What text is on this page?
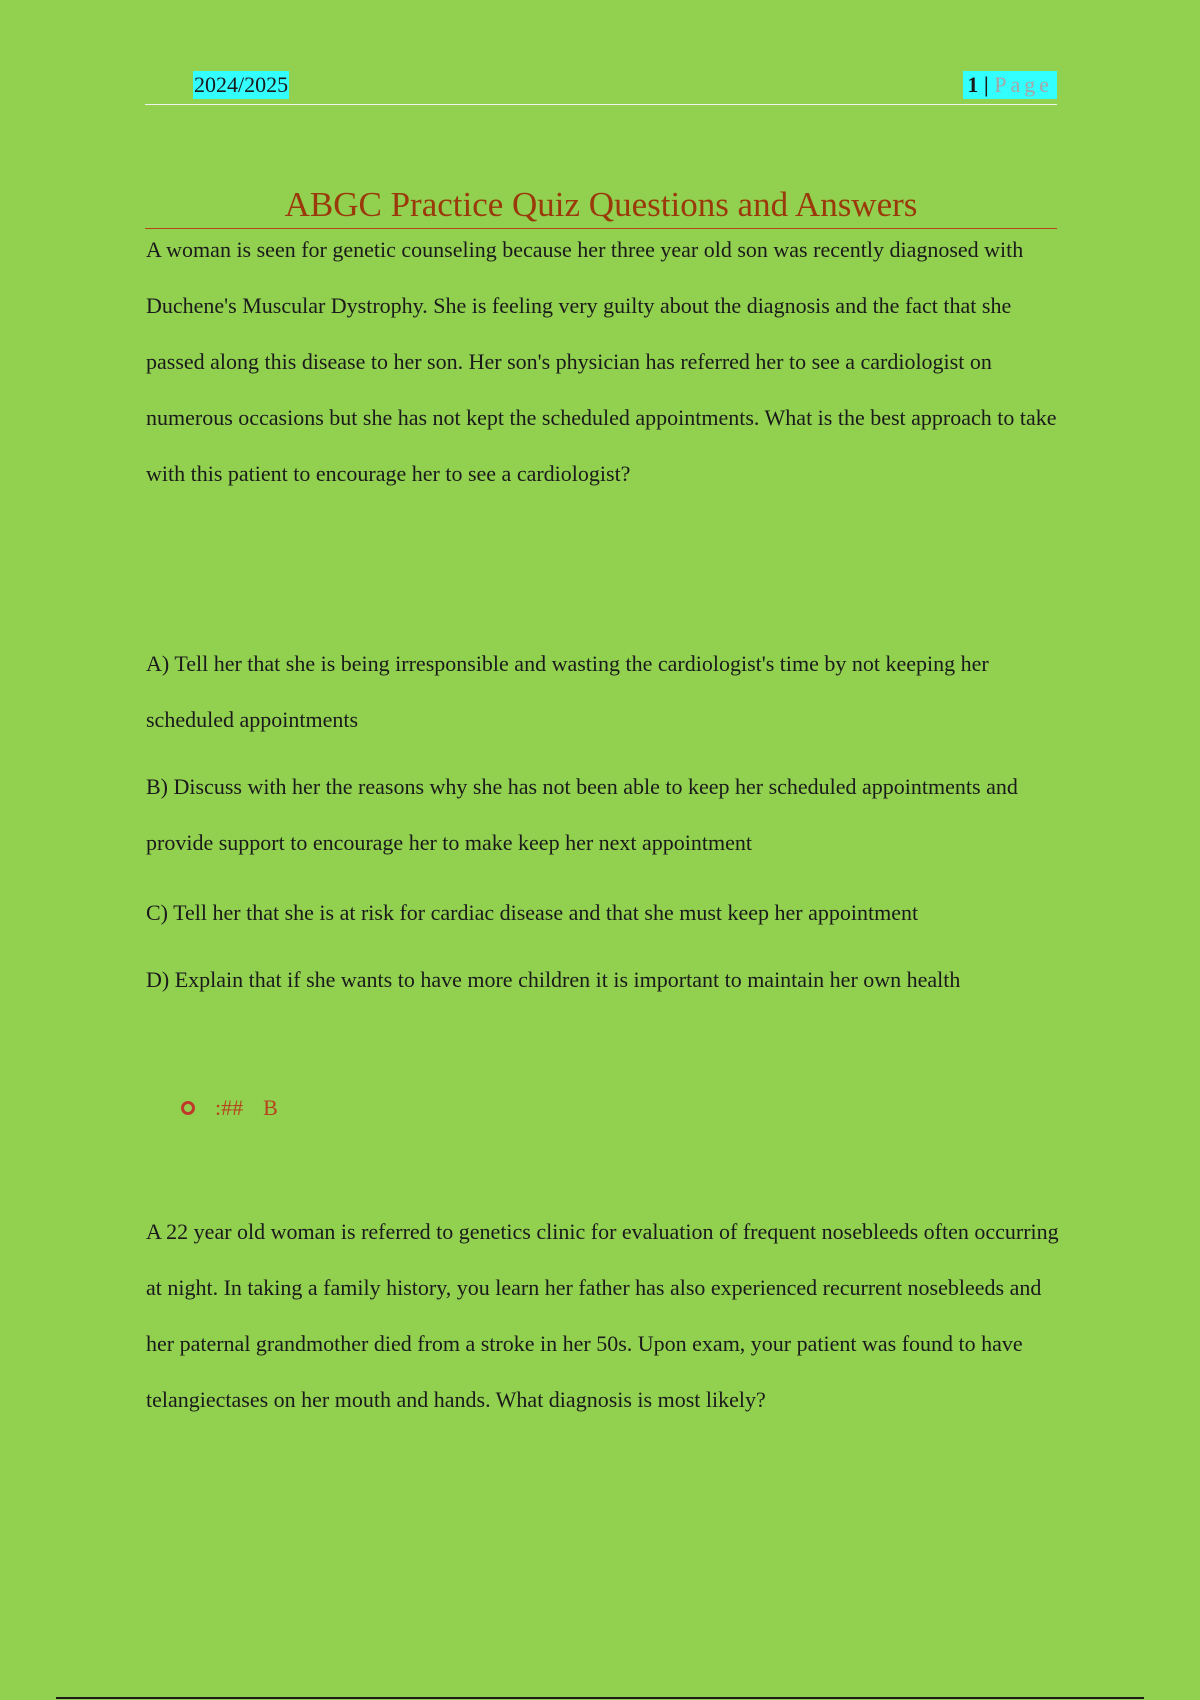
2024/2025	1 | Page
ABGC Practice Quiz Questions and Answers

A woman is seen for genetic counseling because her three year old son was recently diagnosed with Duchene's Muscular Dystrophy. She is feeling very guilty about the diagnosis and the fact that she passed along this disease to her son. Her son's physician has referred her to see a cardiologist on numerous occasions but she has not kept the scheduled appointments. What is the best approach to take with this patient to encourage her to see a cardiologist?

A) Tell her that she is being irresponsible and wasting the cardiologist's time by not keeping her scheduled appointments

B) Discuss with her the reasons why she has not been able to keep her scheduled appointments and provide support to encourage her to make keep her next appointment

C) Tell her that she is at risk for cardiac disease and that she must keep her appointment

D) Explain that if she wants to have more children it is important to maintain her own health

:## B

A 22 year old woman is referred to genetics clinic for evaluation of frequent nosebleeds often occurring at night. In taking a family history, you learn her father has also experienced recurrent nosebleeds and her paternal grandmother died from a stroke in her 50s. Upon exam, your patient was found to have telangiectases on her mouth and hands. What diagnosis is most likely?
